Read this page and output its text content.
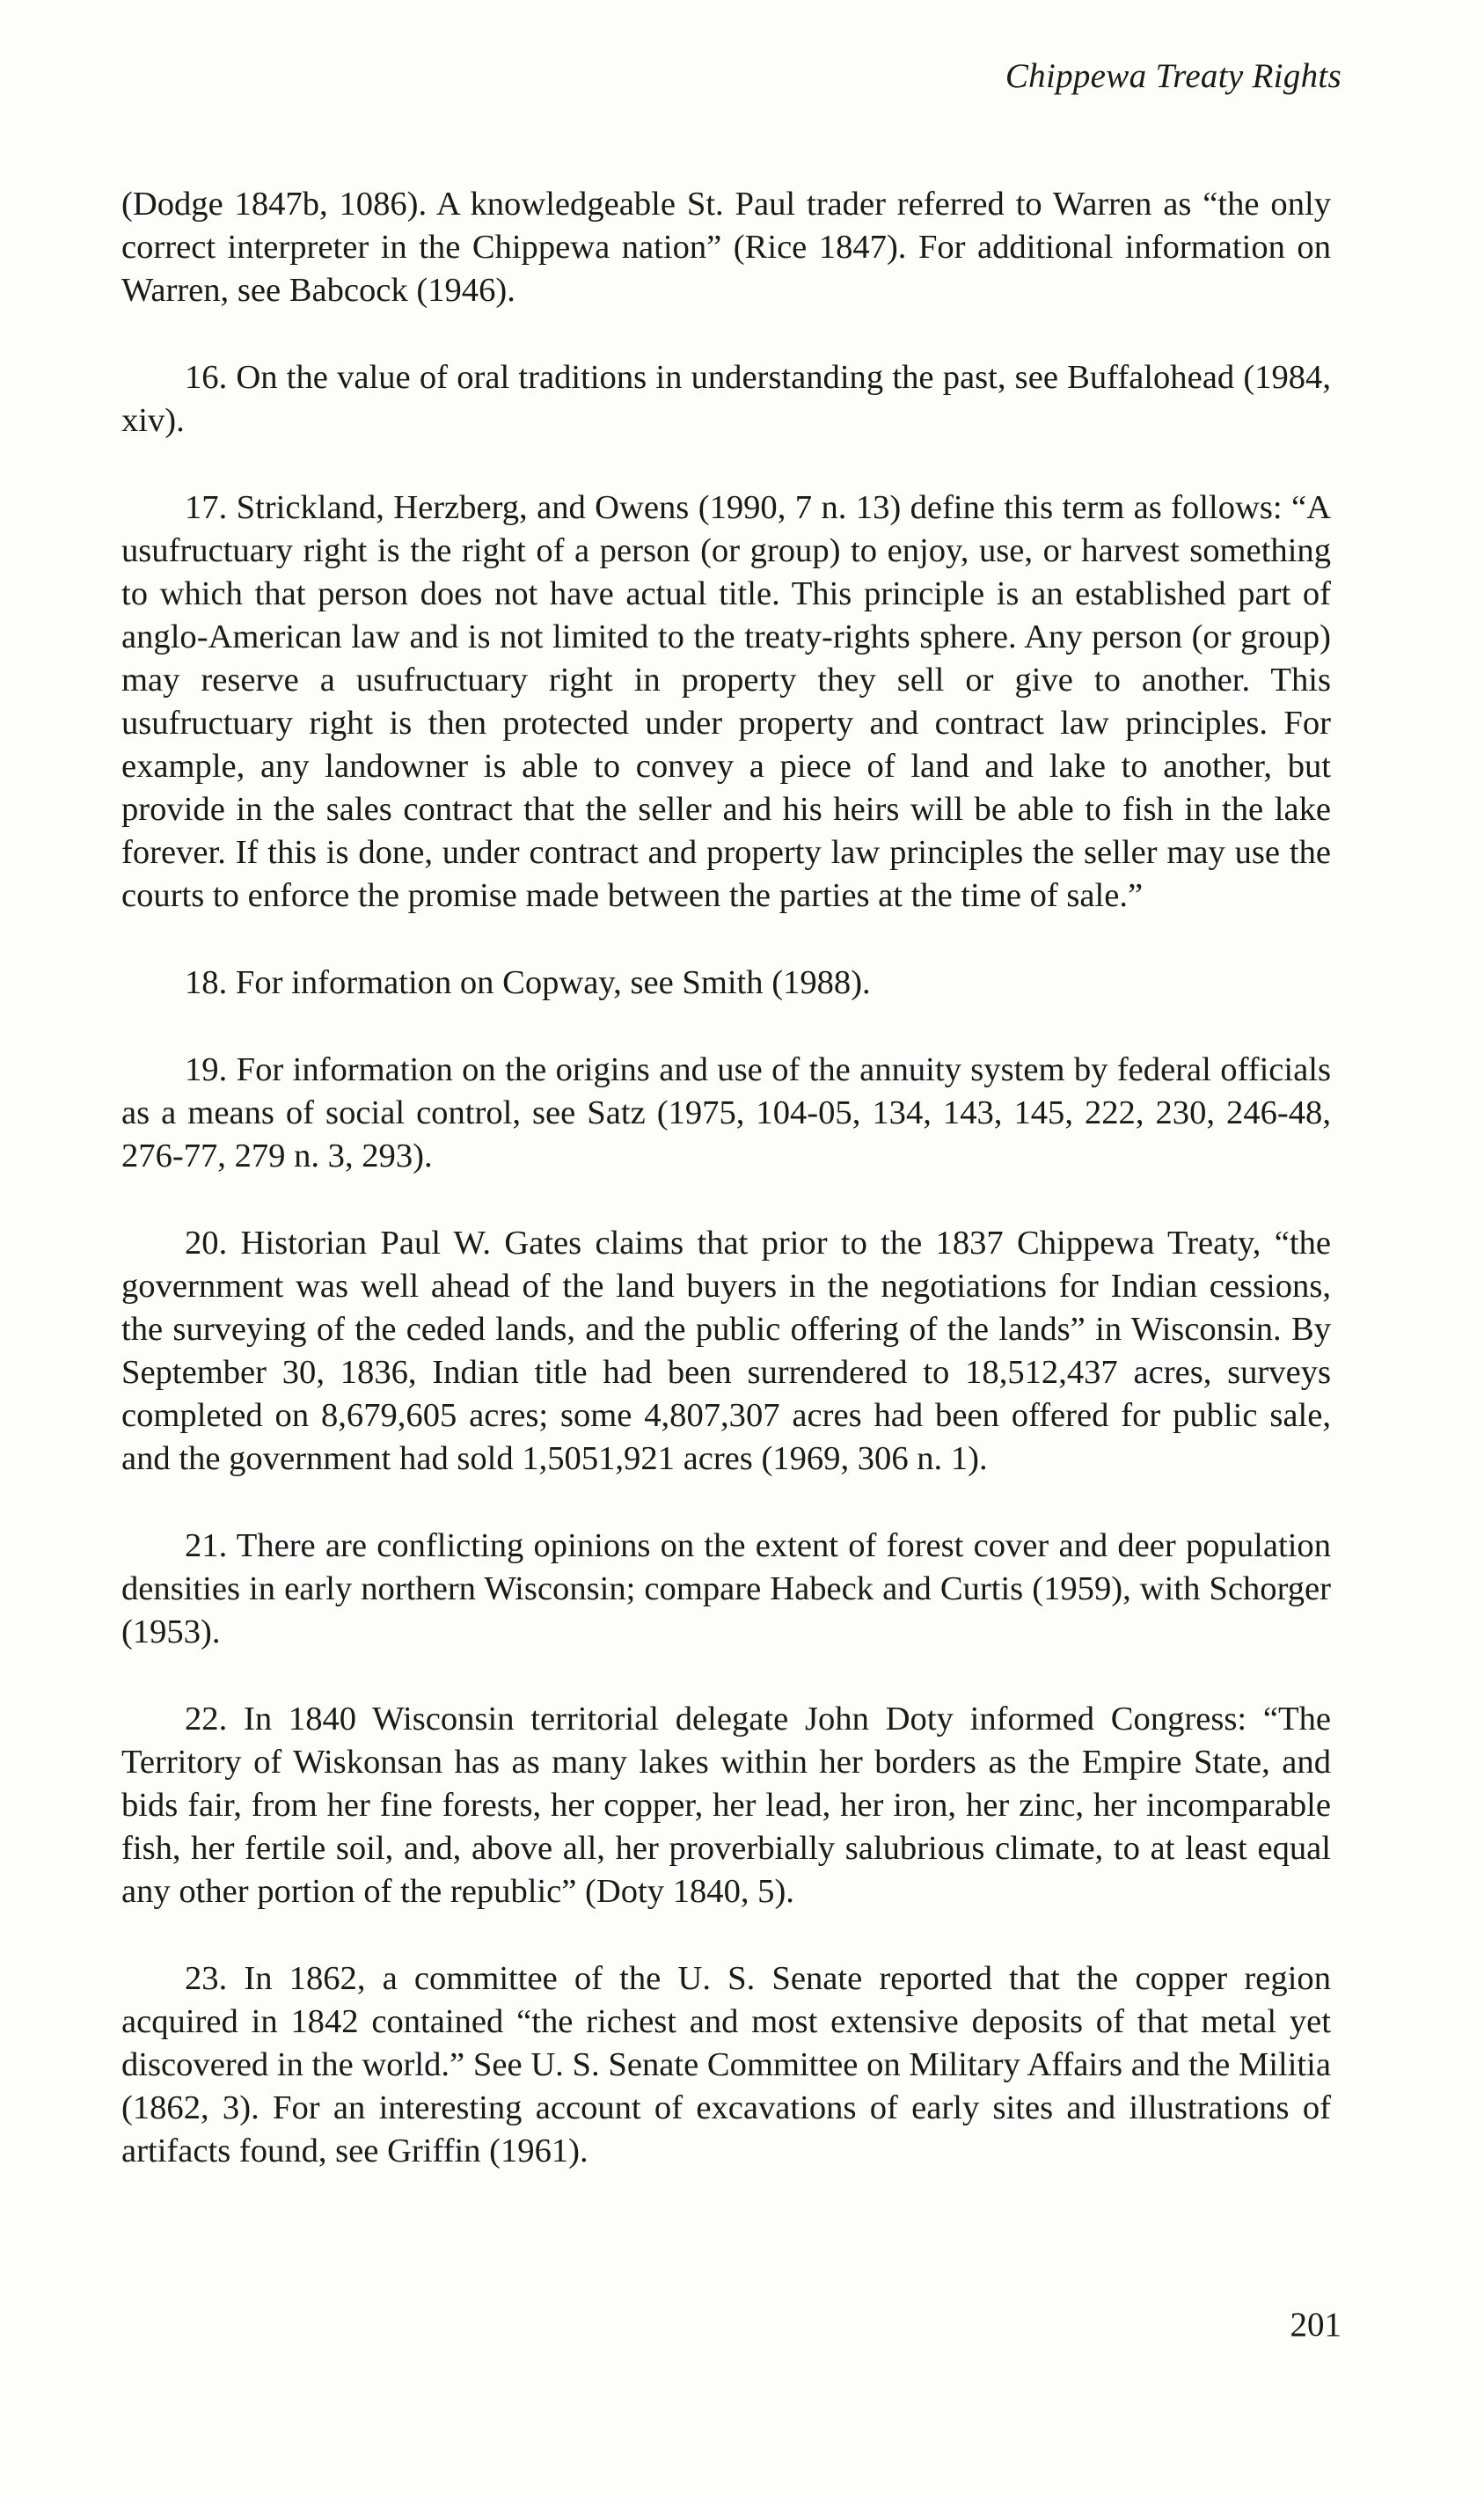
Chippewa Treaty Rights

(Dodge 1847b, 1086). A knowledgeable St. Paul trader referred to Warren as “the only correct interpreter in the Chippewa nation” (Rice 1847). For additional information on Warren, see Babcock (1946).

16. On the value of oral traditions in understanding the past, see Buffalohead (1984, xiv).

17. Strickland, Herzberg, and Owens (1990, 7 n. 13) define this term as follows: “A usufructuary right is the right of a person (or group) to enjoy, use, or harvest something to which that person does not have actual title. This principle is an established part of anglo-American law and is not limited to the treaty-rights sphere. Any person (or group) may reserve a usufructuary right in property they sell or give to another. This usufructuary right is then protected under property and contract law principles. For example, any landowner is able to convey a piece of land and lake to another, but provide in the sales contract that the seller and his heirs will be able to fish in the lake forever. If this is done, under contract and property law principles the seller may use the courts to enforce the promise made between the parties at the time of sale.”

18. For information on Copway, see Smith (1988).

19. For information on the origins and use of the annuity system by federal officials as a means of social control, see Satz (1975, 104-05, 134, 143, 145, 222, 230, 246-48, 276-77, 279 n. 3, 293).

20. Historian Paul W. Gates claims that prior to the 1837 Chippewa Treaty, “the government was well ahead of the land buyers in the negotiations for Indian cessions, the surveying of the ceded lands, and the public offering of the lands” in Wisconsin. By September 30, 1836, Indian title had been surrendered to 18,512,437 acres, surveys completed on 8,679,605 acres; some 4,807,307 acres had been offered for public sale, and the government had sold 1,5051,921 acres (1969, 306 n. 1).

21. There are conflicting opinions on the extent of forest cover and deer population densities in early northern Wisconsin; compare Habeck and Curtis (1959), with Schorger (1953).

22. In 1840 Wisconsin territorial delegate John Doty informed Congress: “The Territory of Wiskonsan has as many lakes within her borders as the Empire State, and bids fair, from her fine forests, her copper, her lead, her iron, her zinc, her incomparable fish, her fertile soil, and, above all, her proverbially salubrious climate, to at least equal any other portion of the republic” (Doty 1840, 5).

23. In 1862, a committee of the U. S. Senate reported that the copper region acquired in 1842 contained “the richest and most extensive deposits of that metal yet discovered in the world.” See U. S. Senate Committee on Military Affairs and the Militia (1862, 3). For an interesting account of excavations of early sites and illustrations of artifacts found, see Griffin (1961).

201
